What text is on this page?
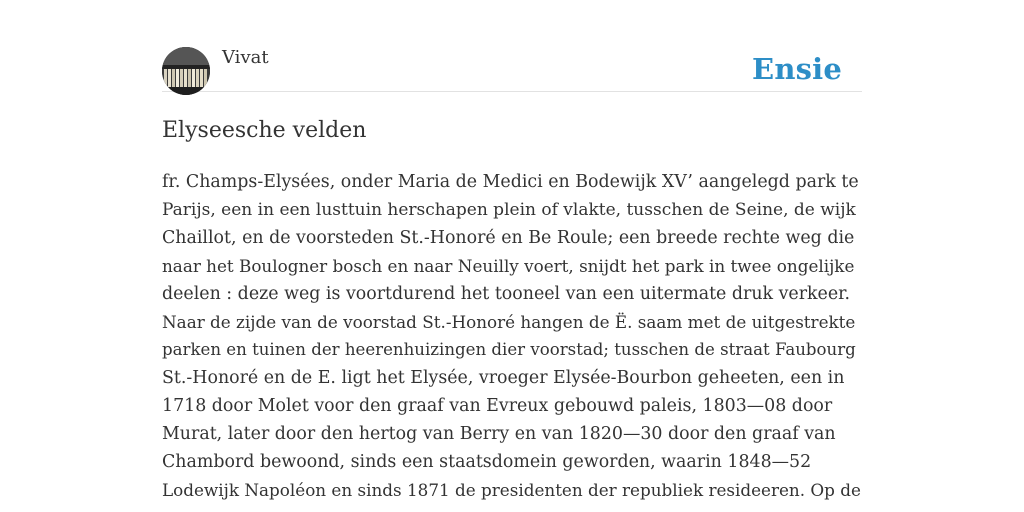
Vivat	Ensie
Elyseesche velden

fr. Champs-Elysées, onder Maria de Medici en Bodewijk XV’ aangelegd park te
Parijs, een in een lusttuin herschapen plein of vlakte, tusschen de Seine, de wijk
Chaillot, en de voorsteden St.-Honoré en Be Roule; een breede rechte weg die
naar het Boulogner bosch en naar Neuilly voert, snijdt het park in twee ongelijke
deelen : deze weg is voortdurend het tooneel van een uitermate druk verkeer.
Naar de zijde van de voorstad St.-Honoré hangen de Ë. saam met de uitgestrekte
parken en tuinen der heerenhuizingen dier voorstad; tusschen de straat Faubourg
St.-Honoré en de E. ligt het Elysée, vroeger Elysée-Bourbon geheeten, een in
1718 door Molet voor den graaf van Evreux gebouwd paleis, 1803—08 door
Murat, later door den hertog van Berry en van 1820—30 door den graaf van
Chambord bewoond, sinds een staatsdomein geworden, waarin 1848—52
Lodewijk Napoléon en sinds 1871 de presidenten der republiek resideeren. Op de
